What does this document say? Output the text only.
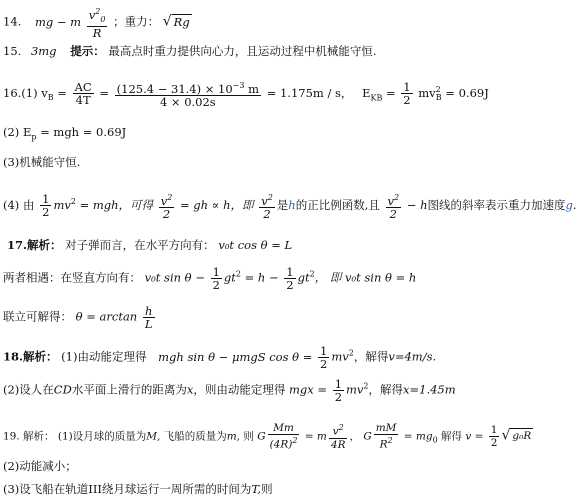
14. mg − m $\frac{v^2_0}{R}$ ；重力： √ Rg
15. 3mg 提示： 最高点时重力提供向心力，且运动过程中机械能守恒.
16.(1) $v_B = \frac{AC}{4T} = \frac{(125.4 - 31.4) \times 10^{-3} m}{4 \times 0.02s} = 1.175m / s$， $E_{KB} = \frac{1}{2} mv^2_B = 0.69J$
(2) $E_p$ = mgh = 0.69J
(3)机械能守恒.
(4) 由 $\frac{1}{2} mv^2$ = mgh，可得 $\frac{v^2}{2}$ = gh ∝ h，即 $\frac{v^2}{2}$ 是h的正比例函数,且 $\frac{v^2}{2} - h$图线的斜率表示重力加速度g.
17.解析： 对子弹而言，在水平方向有： v₀t cos θ = L
两者相遇：在竖直方向有： v₀t $\sin \theta - \frac{1}{2} gt^2 = h - \frac{1}{2} gt^2$， 即 v₀t sin θ = h
联立可解得： $\theta = \arctan \frac{h}{L}$
18.解析： (1)由动能定理得 mgh sin θ − μmgS $\cos \theta = \frac{1}{2} mv^2$，解得v=4m/s.
(2)设人在CD水平面上滑行的距离为x，则由动能定理得 mgx = $\frac{1}{2} mv^2$，解得x=1.45m
19. 解析： (1)设月球的质量为M, 飞船的质量为m, 则 G $\frac{Mm}{(4R)^2} = m \frac{v^2}{4R}$ ， G $\frac{mM}{R^2} = mg_0$ 解得 $v = \frac{1}{2}$ √ g₀R
(2)动能减小；
(3)设飞船在轨道III绕月球运行一周所需的时间为T,则
